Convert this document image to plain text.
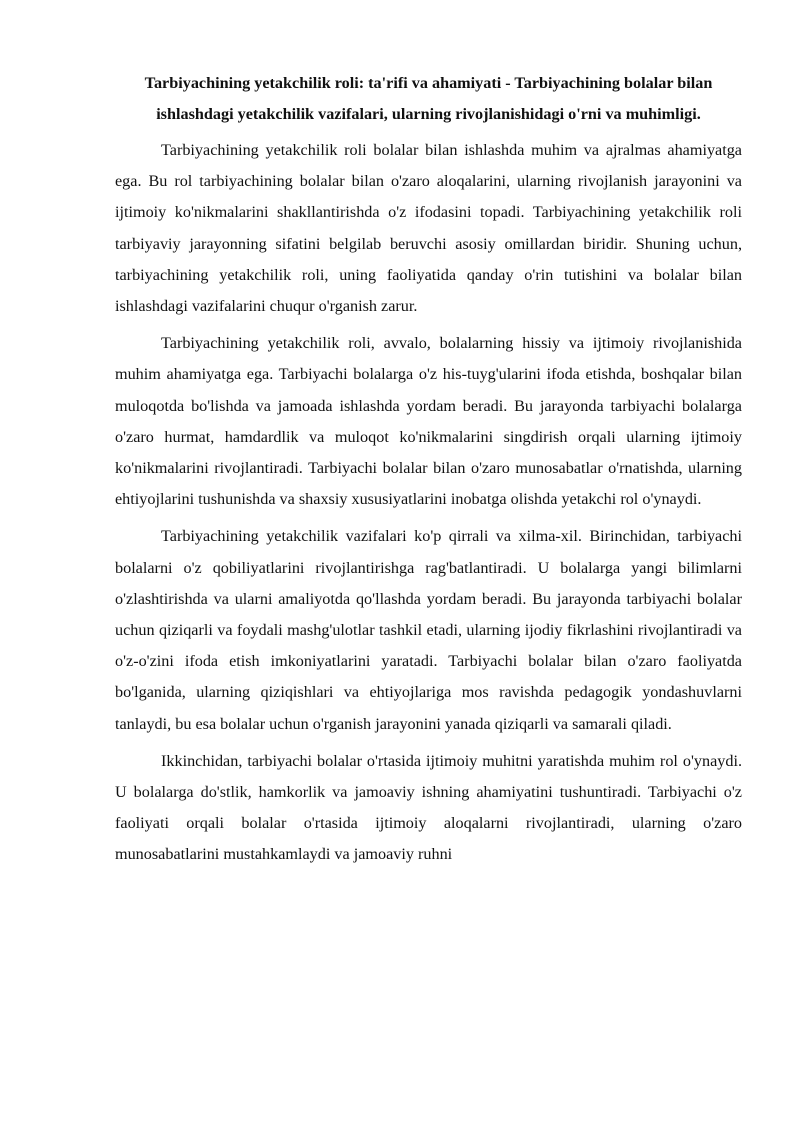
Tarbiyachining yetakchilik roli: ta'rifi va ahamiyati - Tarbiyachining bolalar bilan ishlashdagi yetakchilik vazifalari, ularning rivojlanishidagi o'rni va muhimligi.

Tarbiyachining yetakchilik roli bolalar bilan ishlashda muhim va ajralmas ahamiyatga ega. Bu rol tarbiyachining bolalar bilan o'zaro aloqalarini, ularning rivojlanish jarayonini va ijtimoiy ko'nikmalarini shakllantirishda o'z ifodasini topadi. Tarbiyachining yetakchilik roli tarbiyaviy jarayonning sifatini belgilab beruvchi asosiy omillardan biridir. Shuning uchun, tarbiyachining yetakchilik roli, uning faoliyatida qanday o'rin tutishini va bolalar bilan ishlashdagi vazifalarini chuqur o'rganish zarur.

Tarbiyachining yetakchilik roli, avvalo, bolalarning hissiy va ijtimoiy rivojlanishida muhim ahamiyatga ega. Tarbiyachi bolalarga o'z his-tuyg'ularini ifoda etishda, boshqalar bilan muloqotda bo'lishda va jamoada ishlashda yordam beradi. Bu jarayonda tarbiyachi bolalarga o'zaro hurmat, hamdardlik va muloqot ko'nikmalarini singdirish orqali ularning ijtimoiy ko'nikmalarini rivojlantiradi. Tarbiyachi bolalar bilan o'zaro munosabatlar o'rnatishda, ularning ehtiyojlarini tushunishda va shaxsiy xususiyatlarini inobatga olishda yetakchi rol o'ynaydi.

Tarbiyachining yetakchilik vazifalari ko'p qirrali va xilma-xil. Birinchidan, tarbiyachi bolalarni o'z qobiliyatlarini rivojlantirishga rag'batlantiradi. U bolalarga yangi bilimlarni o'zlashtirishda va ularni amaliyotda qo'llashda yordam beradi. Bu jarayonda tarbiyachi bolalar uchun qiziqarli va foydali mashg'ulotlar tashkil etadi, ularning ijodiy fikrlashini rivojlantiradi va o'z-o'zini ifoda etish imkoniyatlarini yaratadi. Tarbiyachi bolalar bilan o'zaro faoliyatda bo'lganida, ularning qiziqishlari va ehtiyojlariga mos ravishda pedagogik yondashuvlarni tanlaydi, bu esa bolalar uchun o'rganish jarayonini yanada qiziqarli va samarali qiladi.

Ikkinchidan, tarbiyachi bolalar o'rtasida ijtimoiy muhitni yaratishda muhim rol o'ynaydi. U bolalarga do'stlik, hamkorlik va jamoaviy ishning ahamiyatini tushuntiradi. Tarbiyachi o'z faoliyati orqali bolalar o'rtasida ijtimoiy aloqalarni rivojlantiradi, ularning o'zaro munosabatlarini mustahkamlaydi va jamoaviy ruhni
